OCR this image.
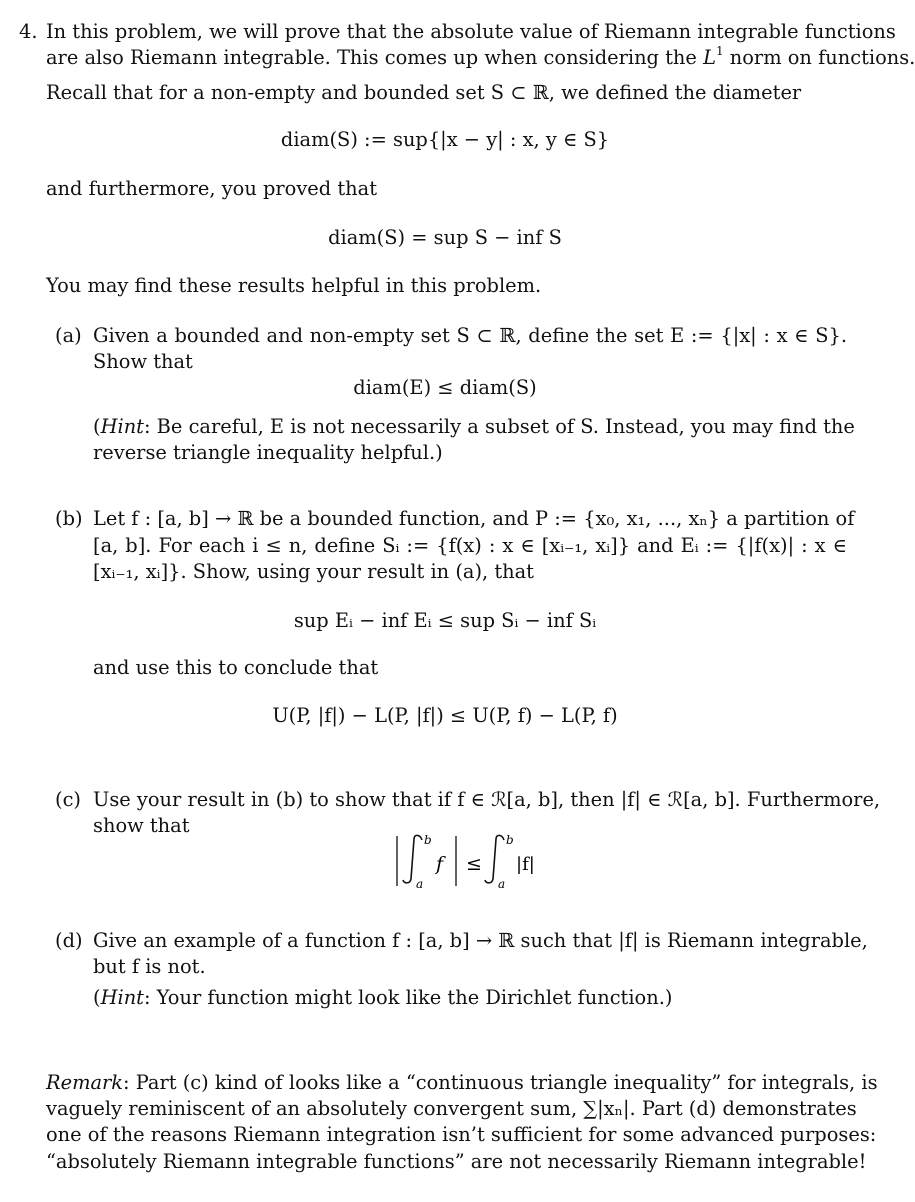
4. In this problem, we will prove that the absolute value of Riemann integrable functions
are also Riemann integrable. This comes up when considering the $L^1$ norm on functions.
Recall that for a non-empty and bounded set S ⊂ ℝ, we defined the diameter
diam(S) := sup{|x − y| : x, y ∈ S}
and furthermore, you proved that
diam(S) = sup S − inf S
You may find these results helpful in this problem.
(a) Given a bounded and non-empty set S ⊂ ℝ, define the set E := {|x| : x ∈ S}.
Show that
diam(E) ≤ diam(S)
(Hint: Be careful, E is not necessarily a subset of S. Instead, you may find the
reverse triangle inequality helpful.)
(b) Let f : [a, b] → ℝ be a bounded function, and P := {x₀, x₁, ..., xₙ} a partition of
[a, b]. For each i ≤ n, define Sᵢ := {f(x) : x ∈ [xᵢ₋₁, xᵢ]} and Eᵢ := {|f(x)| : x ∈
[xᵢ₋₁, xᵢ]}. Show, using your result in (a), that
sup Eᵢ − inf Eᵢ ≤ sup Sᵢ − inf Sᵢ
and use this to conclude that
U(P, |f|) − L(P, |f|) ≤ U(P, f) − L(P, f)
(c) Use your result in (b) to show that if f ∈ ℛ[a, b], then |f| ∈ ℛ[a, b]. Furthermore,
show that
b
a
f ≤
b
a
|f|
(d) Give an example of a function f : [a, b] → ℝ such that |f| is Riemann integrable,
but f is not.
(Hint: Your function might look like the Dirichlet function.)
Remark: Part (c) kind of looks like a “continuous triangle inequality” for integrals, is
vaguely reminiscent of an absolutely convergent sum, ∑|xₙ|. Part (d) demonstrates
one of the reasons Riemann integration isn’t sufficient for some advanced purposes:
“absolutely Riemann integrable functions” are not necessarily Riemann integrable!
